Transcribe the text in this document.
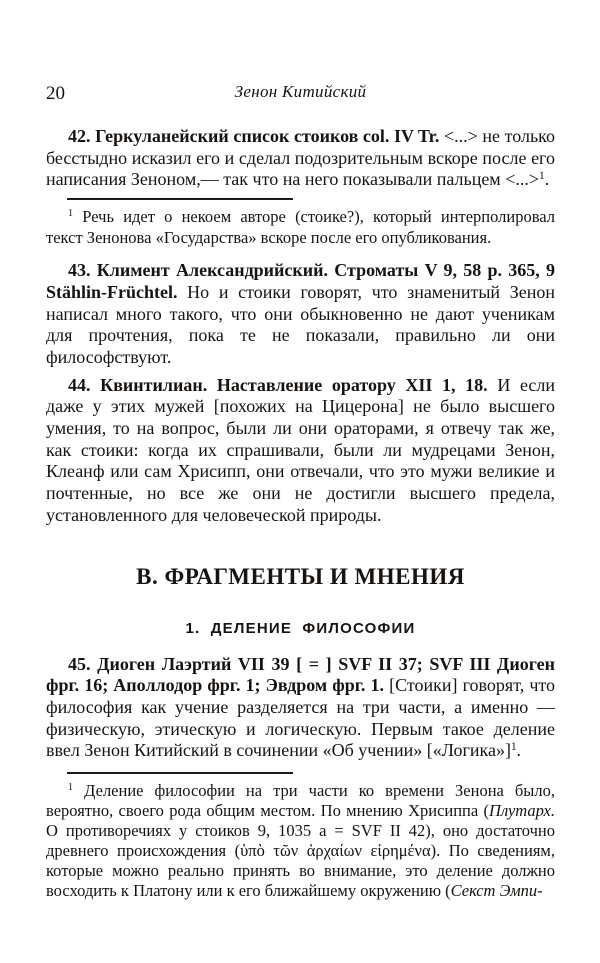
20	Зенон Китийский

42. Геркуланейский список стоиков col. IV Tr. <...> не только бесстыдно исказил его и сделал подозрительным вскоре после его написания Зеноном,— так что на него показывали пальцем <...>$^1$.

$^1$ Речь идет о некоем авторе (стоике?), который интерполировал текст Зенонова «Государства» вскоре после его опубликования.

43. Климент Александрийский. Строматы V 9, 58 p. 365, 9 Stählin-Früchtel. Но и стоики говорят, что знаменитый Зенон написал много такого, что они обыкновенно не дают ученикам для прочтения, пока те не показали, правильно ли они философствуют.

44. Квинтилиан. Наставление оратору XII 1, 18. И если даже у этих мужей [похожих на Цицерона] не было высшего умения, то на вопрос, были ли они ораторами, я отвечу так же, как стоики: когда их спрашивали, были ли мудрецами Зенон, Клеанф или сам Хрисипп, они отвечали, что это мужи великие и почтенные, но все же они не достигли высшего предела, установленного для человеческой природы.

В. ФРАГМЕНТЫ И МНЕНИЯ
1. ДЕЛЕНИЕ ФИЛОСОФИИ

45. Диоген Лаэртий VII 39 [ = ] SVF II 37; SVF III Диоген фрг. 16; Аполлодор фрг. 1; Эвдром фрг. 1. [Стоики] говорят, что философия как учение разделяется на три части, а именно — физическую, этическую и логическую. Первым такое деление ввел Зенон Китийский в сочинении «Об учении» [«Логика»]$^1$.

$^1$ Деление философии на три части ко времени Зенона было, вероятно, своего рода общим местом. По мнению Хрисиппа (Плутарх. О противоречиях у стоиков 9, 1035 a = SVF II 42), оно достаточно древнего происхождения (ὑπὸ τῶν ἀρχαίων εἰρημένα). По сведениям, которые можно реально принять во внимание, это деление должно восходить к Платону или к его ближайшему окружению (Секст Эмпи-
